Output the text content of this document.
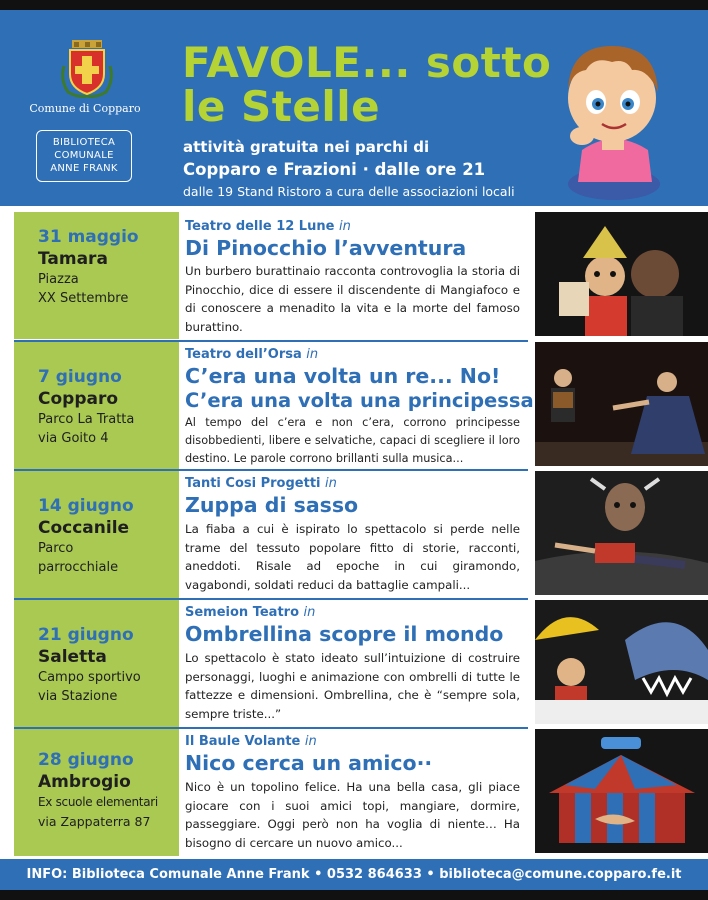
Comune di Copparo
BIBLIOTECA
COMUNALE
ANNE FRANK
FAVOLE... sotto
le Stelle
attività gratuita nei parchi di
Copparo e Frazioni · dalle ore 21
dalle 19 Stand Ristoro a cura delle associazioni locali
31 maggio
Tamara
Piazza
XX Settembre
Teatro delle 12 Lune in
Di Pinocchio l’avventura
Un burbero burattinaio racconta controvoglia la storia di Pinocchio, dice di essere il discendente di Mangiafoco e di conoscere a menadito la vita e la morte del famoso burattino.
7 giugno
Copparo
Parco La Tratta
via Goito 4
Teatro dell’Orsa in
C’era una volta un re... No!
C’era una volta una principessa
Al tempo del c’era e non c’era, corrono principesse disobbedienti, libere e selvatiche, capaci di scegliere il loro destino. Le parole corrono brillanti sulla musica...
14 giugno
Coccanile
Parco
parrocchiale
Tanti Cosi Progetti in
Zuppa di sasso
La fiaba a cui è ispirato lo spettacolo si perde nelle trame del tessuto popolare fitto di storie, racconti, aneddoti. Risale ad epoche in cui giramondo, vagabondi, soldati reduci da battaglie campali...
21 giugno
Saletta
Campo sportivo
via Stazione
Semeion Teatro in
Ombrellina scopre il mondo
Lo spettacolo è stato ideato sull’intuizione di costruire personaggi, luoghi e animazione con ombrelli di tutte le fattezze e dimensioni. Ombrellina, che è “sempre sola, sempre triste...”
28 giugno
Ambrogio
Ex scuole elementari
via Zappaterra 87
Il Baule Volante in
Nico cerca un amico··
Nico è un topolino felice. Ha una bella casa, gli piace giocare con i suoi amici topi, mangiare, dormire, passeggiare. Oggi però non ha voglia di niente… Ha bisogno di cercare un nuovo amico...
INFO: Biblioteca Comunale Anne Frank • 0532 864633 • biblioteca@comune.copparo.fe.it
